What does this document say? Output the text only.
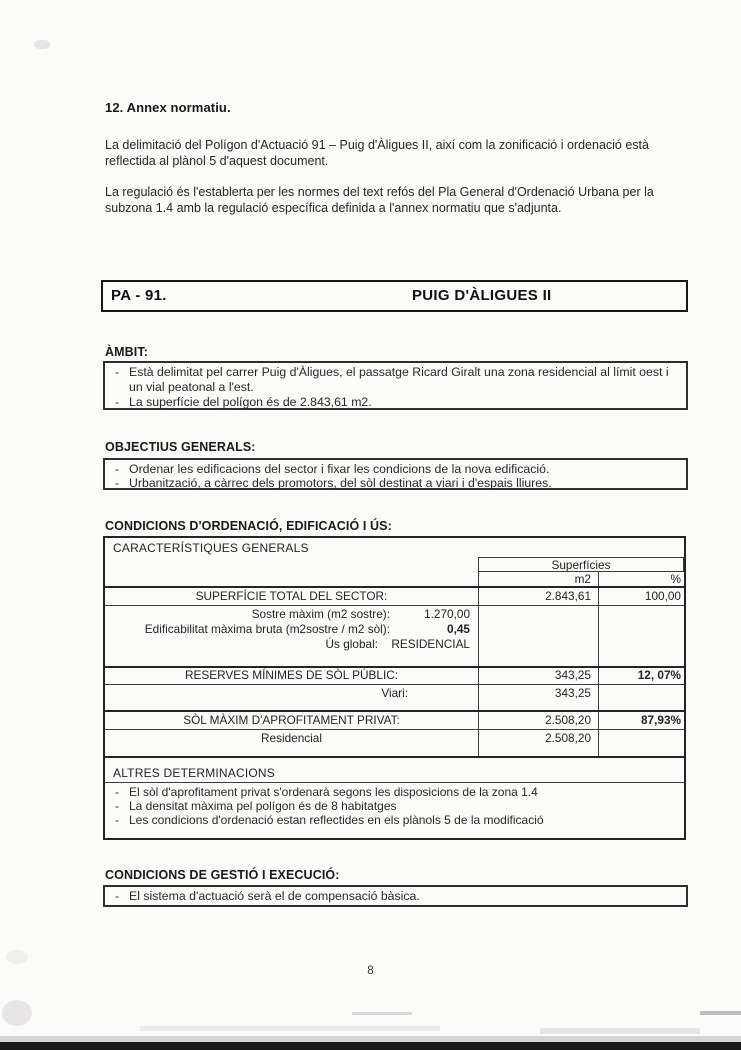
12. Annex normatiu.
La delimitació del Polígon d'Actuació 91 – Puig d'Àligues II, així com la zonificació i ordenació està reflectida al plànol 5 d'aquest document.
La regulació és l'establerta per les normes del text refós del Pla General d'Ordenació Urbana per la subzona 1.4 amb la regulació específica definida a l'annex normatiu que s'adjunta.
PA - 91.	PUIG D'ÀLIGUES II
ÀMBIT:
- Està delimitat pel carrer Puig d'Àligues, el passatge Ricard Giralt una zona residencial al límit oest i un vial peatonal a l'est.
- La superfície del polígon és de 2.843,61 m2.
OBJECTIUS GENERALS:
- Ordenar les edificacions del sector i fixar les condicions de la nova edificació.
- Urbanització, a càrrec dels promotors, del sòl destinat a viari i d'espais lliures.
CONDICIONS D'ORDENACIÓ, EDIFICACIÓ I ÚS:
CARACTERÍSTIQUES GENERALS
Superfícies
m2	%
SUPERFÍCIE TOTAL DEL SECTOR:	2.843,61	100,00
Sostre màxim (m2 sostre):	1.270,00
Edificabilitat màxima bruta (m2sostre / m2 sòl):	0,45
Ús global:	RESIDENCIAL
RESERVES MÍNIMES DE SÒL PÚBLIC:	343,25	12, 07%
Viari:	343,25
SÒL MÀXIM D'APROFITAMENT PRIVAT:	2.508,20	87,93%
Residencial	2.508,20
ALTRES DETERMINACIONS
- El sòl d'aprofitament privat s'ordenarà segons les disposicions de la zona 1.4
- La densitat màxima pel polígon és de 8 habitatges
- Les condicions d'ordenació estan reflectides en els plànols 5 de la modificació
CONDICIONS DE GESTIÓ I EXECUCIÓ:
- El sistema d'actuació serà el de compensació bàsica.
8
